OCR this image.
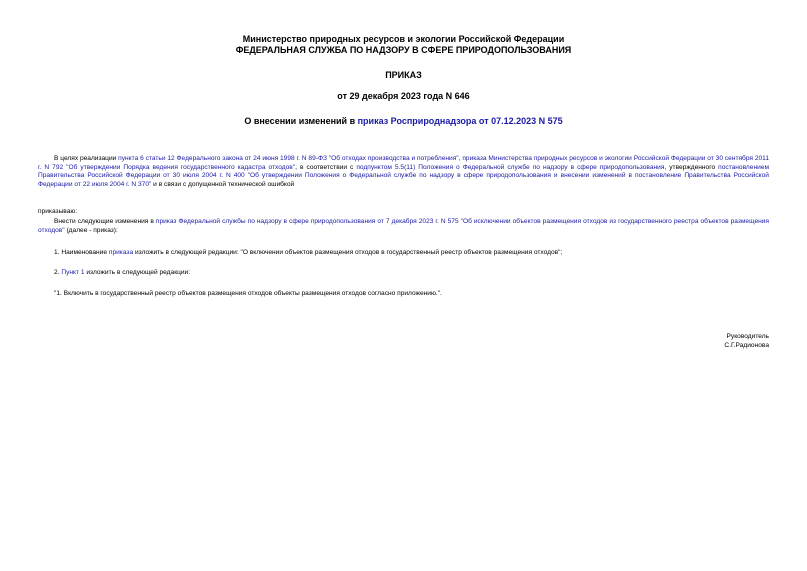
Министерство природных ресурсов и экологии Российской Федерации
ФЕДЕРАЛЬНАЯ СЛУЖБА ПО НАДЗОРУ В СФЕРЕ ПРИРОДОПОЛЬЗОВАНИЯ
ПРИКАЗ
от 29 декабря 2023 года N 646
О внесении изменений в приказ Росприроднадзора от 07.12.2023 N 575
В целях реализации пункта 6 статьи 12 Федерального закона от 24 июня 1998 г. N 89-ФЗ "Об отходах производства и потребления", приказа Министерства природных ресурсов и экологии Российской Федерации от 30 сентября 2011 г. N 792 "Об утверждении Порядка ведения государственного кадастра отходов", в соответствии с подпунктом 5.5(11) Положения о Федеральной службе по надзору в сфере природопользования, утвержденного постановлением Правительства Российской Федерации от 30 июля 2004 г. N 400 "Об утверждении Положения о Федеральной службе по надзору в сфере природопользования и внесении изменений в постановление Правительства Российской Федерации от 22 июля 2004 г. N 370" и в связи с допущенной технической ошибкой
приказываю:
Внести следующие изменения в приказ Федеральной службы по надзору в сфере природопользования от 7 декабря 2023 г. N 575 "Об исключении объектов размещения отходов из государственного реестра объектов размещения отходов" (далее - приказ):
1. Наименование приказа изложить в следующей редакции: "О включении объектов размещения отходов в государственный реестр объектов размещения отходов";
2. Пункт 1 изложить в следующей редакции:
"1. Включить в государственный реестр объектов размещения отходов объекты размещения отходов согласно приложению.".
Руководитель
С.Г.Радионова
